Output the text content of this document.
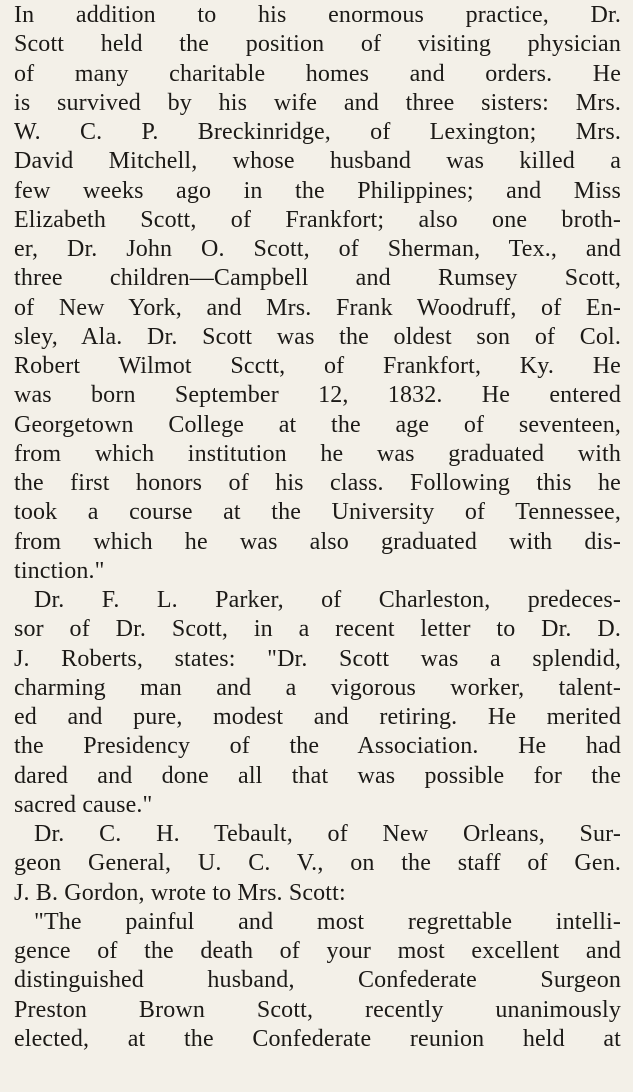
In addition to his enormous practice, Dr.
Scott held the position of visiting physician
of many charitable homes and orders. He
is survived by his wife and three sisters: Mrs.
W. C. P. Breckinridge, of Lexington; Mrs.
David Mitchell, whose husband was killed a
few weeks ago in the Philippines; and Miss
Elizabeth Scott, of Frankfort; also one broth-
er, Dr. John O. Scott, of Sherman, Tex., and
three children—Campbell and Rumsey Scott,
of New York, and Mrs. Frank Woodruff, of En-
sley, Ala. Dr. Scott was the oldest son of Col.
Robert Wilmot Scctt, of Frankfort, Ky. He
was born September 12, 1832. He entered
Georgetown College at the age of seventeen,
from which institution he was graduated with
the first honors of his class. Following this he
took a course at the University of Tennessee,
from which he was also graduated with dis-
tinction."
Dr. F. L. Parker, of Charleston, predeces-
sor of Dr. Scott, in a recent letter to Dr. D.
J. Roberts, states: "Dr. Scott was a splendid,
charming man and a vigorous worker, talent-
ed and pure, modest and retiring. He merited
the Presidency of the Association. He had
dared and done all that was possible for the
sacred cause."
Dr. C. H. Tebault, of New Orleans, Sur-
geon General, U. C. V., on the staff of Gen.
J. B. Gordon, wrote to Mrs. Scott:
"The painful and most regrettable intelli-
gence of the death of your most excellent and
distinguished husband, Confederate Surgeon
Preston Brown Scott, recently unanimously
elected, at the Confederate reunion held at
